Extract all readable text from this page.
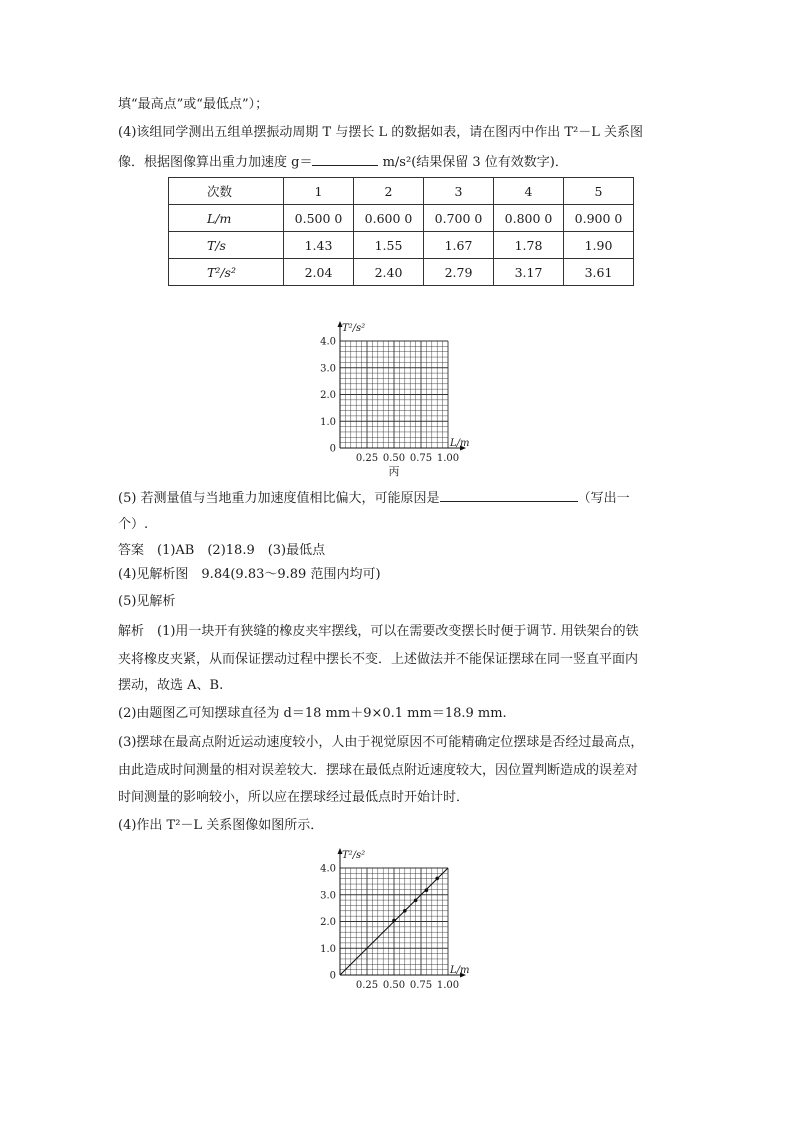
填“最高点”或“最低点”）；
(4)该组同学测出五组单摆振动周期 T 与摆长 L 的数据如表，请在图丙中作出 T²－L 关系图
像．根据图像算出重力加速度 g＝	m/s²(结果保留 3 位有效数字)．
次数	1	2	3	4	5
L/m	0.500 0	0.600 0	0.700 0	0.800 0	0.900 0
T/s	1.43	1.55	1.67	1.78	1.90
T²/s²	2.04	2.40	2.79	3.17	3.61
0
1.0
2.0
3.0
4.0
0.25 0.50 0.75 1.00
T²/s²
L/m
丙
(5) 若测量值与当地重力加速度值相比偏大，可能原因是	（写出一
个）.
答案　(1)AB　(2)18.9　(3)最低点
(4)见解析图　9.84(9.83～9.89 范围内均可)
(5)见解析
解析　(1)用一块开有狭缝的橡皮夹牢摆线，可以在需要改变摆长时便于调节. 用铁架台的铁
夹将橡皮夹紧，从而保证摆动过程中摆长不变．上述做法并不能保证摆球在同一竖直平面内
摆动，故选 A、B.
(2)由题图乙可知摆球直径为 d＝18 mm＋9×0.1 mm＝18.9 mm.
(3)摆球在最高点附近运动速度较小，人由于视觉原因不可能精确定位摆球是否经过最高点，
由此造成时间测量的相对误差较大．摆球在最低点附近速度较大，因位置判断造成的误差对
时间测量的影响较小，所以应在摆球经过最低点时开始计时．
(4)作出 T²－L 关系图像如图所示．
0
1.0
2.0
3.0
4.0
0.25 0.50 0.75 1.00
T²/s²
L/m
